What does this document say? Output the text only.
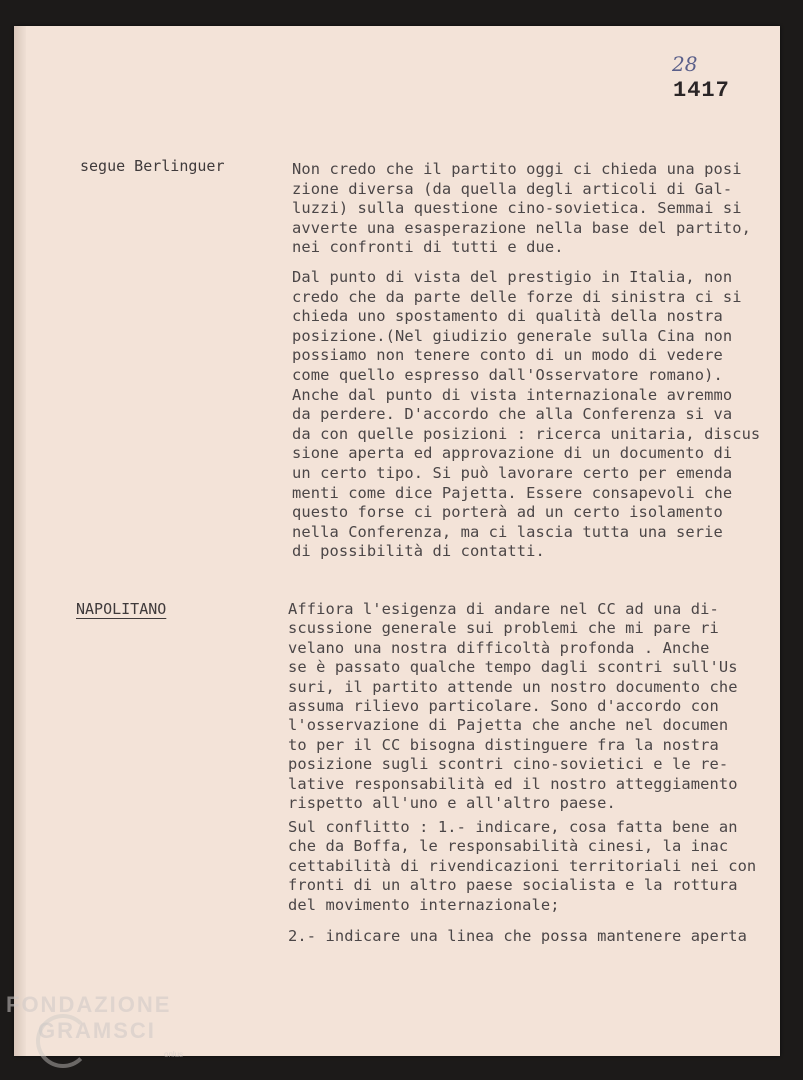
28
1417
segue Berlinguer
NAPOLITANO
Non credo che il partito oggi ci chieda una posi
zione diversa (da quella degli articoli di Gal-
luzzi) sulla questione cino-sovietica. Semmai si
avverte una esasperazione nella base del partito,
nei confronti di tutti e due.
Dal punto di vista del prestigio in Italia, non
credo che da parte delle forze di sinistra ci si
chieda uno spostamento di qualità della nostra
posizione.(Nel giudizio generale sulla Cina non
possiamo non tenere conto di un modo di vedere
come quello espresso dall'Osservatore romano).
Anche dal punto di vista internazionale avremmo
da perdere. D'accordo che alla Conferenza si va
da con quelle posizioni : ricerca unitaria, discus
sione aperta ed approvazione di un documento di
un certo tipo. Si può lavorare certo per emenda
menti come dice Pajetta. Essere consapevoli che
questo forse ci porterà ad un certo isolamento
nella Conferenza, ma ci lascia tutta una serie
di possibilità di contatti.
Affiora l'esigenza di andare nel CC ad una di-
scussione generale sui problemi che mi pare ri
velano una nostra difficoltà profonda . Anche
se è passato qualche tempo dagli scontri sull'Us
suri, il partito attende un nostro documento che
assuma rilievo particolare. Sono d'accordo con
l'osservazione di Pajetta che anche nel documen
to per il CC bisogna distinguere fra la nostra
posizione sugli scontri cino-sovietici e le re-
lative responsabilità ed il nostro atteggiamento
rispetto all'uno e all'altro paese.
Sul conflitto : 1.- indicare, cosa fatta bene an
che da Boffa, le responsabilità cinesi, la inac
cettabilità di rivendicazioni territoriali nei con
fronti di un altro paese socialista e la rottura
del movimento internazionale;
2.- indicare una linea che possa mantenere aperta
FONDAZIONE
GRAMSCI
onlus
